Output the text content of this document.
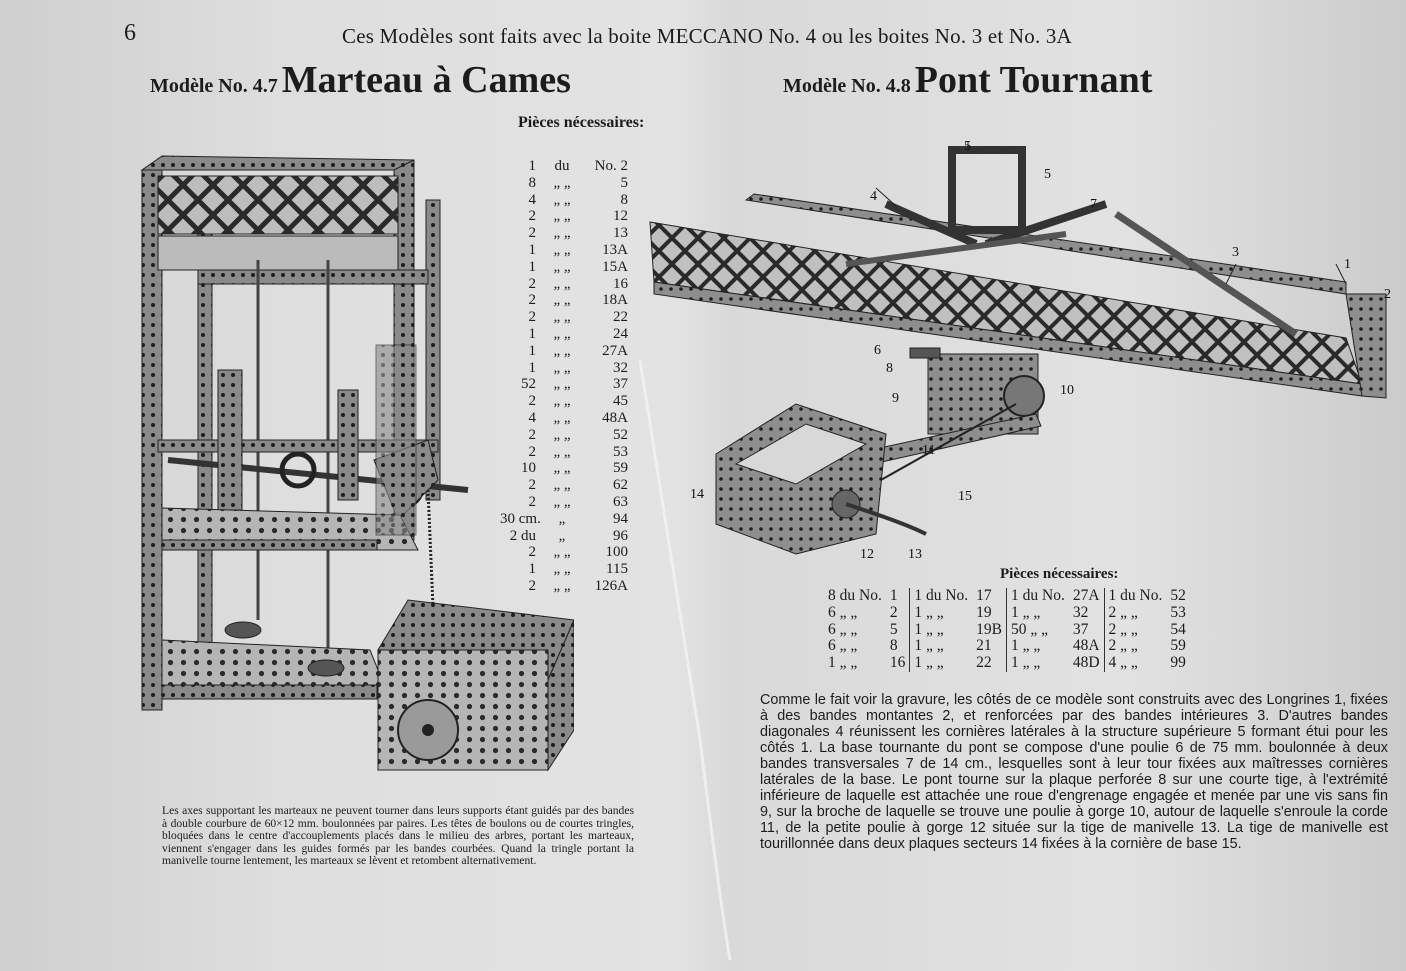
6	Ces Modèles sont faits avec la boite MECCANO No. 4 ou les boites No. 3 et No. 3A
Modèle No. 4.7 Marteau à Cames	Modèle No. 4.8 Pont Tournant
Pièces nécessaires:
1 du No. 2
8 „ „	5
4 „ „	8
2 „ „	12
2 „ „	13
1 „ „ 13A
1 „ „ 15A
2 „ „	16
2 „ „ 18A
2 „ „	22
1 „ „	24
1 „ „ 27A
1 „ „	32
52 „ „	37
2 „ „	45
4 „ „ 48A
2 „ „	52
2 „ „	53
10 „ „	59
2 „ „	62
2 „ „	63
30 cm. „	94
2 du „	96
2 „ „ 100
1 „ „ 115
2 „ „ 126A
Les axes supportant les marteaux ne peuvent tourner dans leurs supports étant guidés par des bandes à double courbure de 60×12 mm. boulonnées par paires. Les têtes de boulons ou de courtes tringles, bloquées dans le centre d'accouplements placés dans le milieu des arbres, portant les marteaux, viennent s'engager dans les guides formés par les bandes courbées. Quand la tringle portant la manivelle tourne lentement, les marteaux se lèvent et retombent alternativement.
5
5
4
7
3
1
2
6
8
9
10
11
12 13
14	15
Pièces nécessaires:
8 du No.	1	1 du No.	17	1 du No.	27A	1 du No.	52
6 „ „	2	1 „ „	19	1 „ „	32	2 „ „	53
6 „ „	5	1 „ „	19B	50 „ „	37	2 „ „	54
6 „ „	8	1 „ „	21	1 „ „	48A	2 „ „	59
1 „ „	16	1 „ „	22	1 „ „	48D	4 „ „	99
Comme le fait voir la gravure, les côtés de ce modèle sont construits avec des Longrines 1, fixées à des bandes montantes 2, et renforcées par des bandes intérieures 3. D'autres bandes diagonales 4 réunissent les cornières latérales à la structure supérieure 5 formant étui pour les côtés 1. La base tournante du pont se compose d'une poulie 6 de 75 mm. boulonnée à deux bandes transversales 7 de 14 cm., lesquelles sont à leur tour fixées aux maîtresses cornières latérales de la base. Le pont tourne sur la plaque perforée 8 sur une courte tige, à l'extrémité inférieure de laquelle est attachée une roue d'engrenage engagée et menée par une vis sans fin 9, sur la broche de laquelle se trouve une poulie à gorge 10, autour de laquelle s'enroule la corde 11, de la petite poulie à gorge 12 située sur la tige de manivelle 13. La tige de manivelle est tourillonnée dans deux plaques secteurs 14 fixées à la cornière de base 15.
